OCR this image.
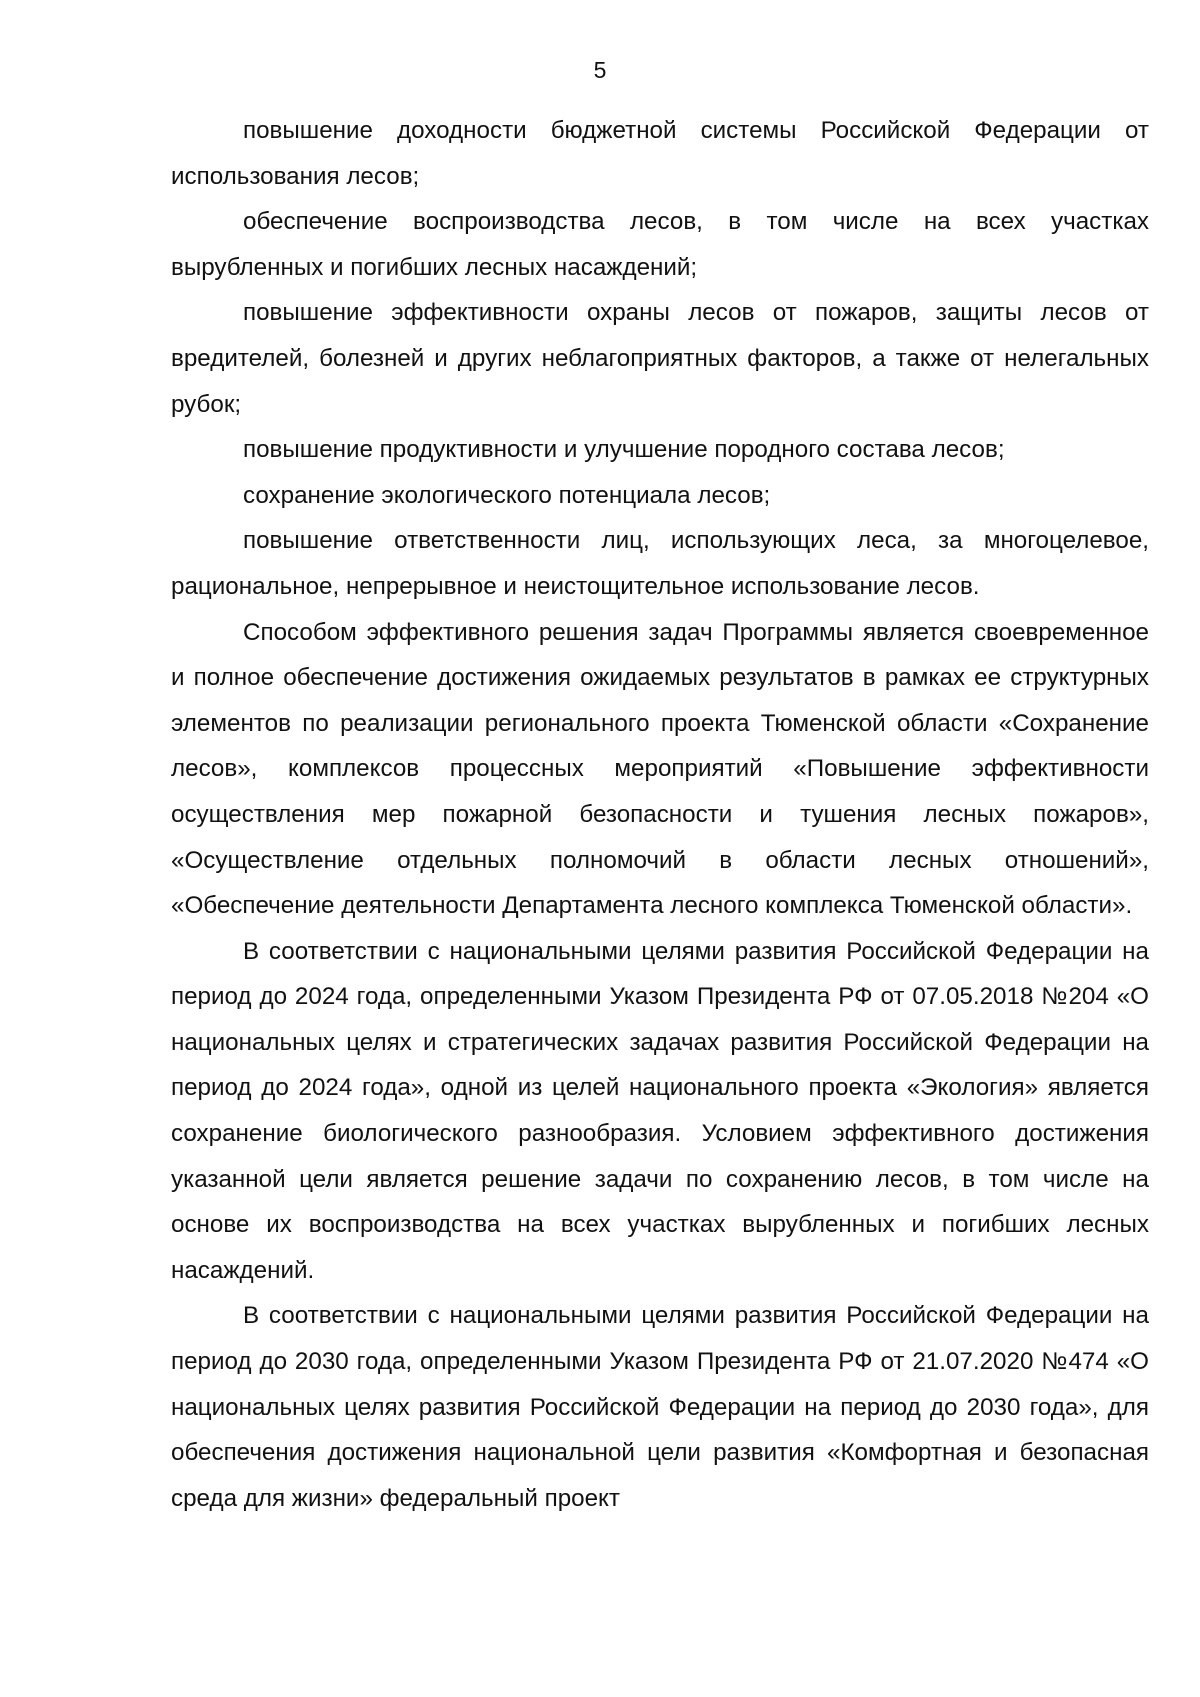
5

повышение доходности бюджетной системы Российской Федерации от использования лесов;

обеспечение воспроизводства лесов, в том числе на всех участках вырубленных и погибших лесных насаждений;

повышение эффективности охраны лесов от пожаров, защиты лесов от вредителей, болезней и других неблагоприятных факторов, а также от нелегальных рубок;

повышение продуктивности и улучшение породного состава лесов;

сохранение экологического потенциала лесов;

повышение ответственности лиц, использующих леса, за многоцелевое, рациональное, непрерывное и неистощительное использование лесов.

Способом эффективного решения задач Программы является своевременное и полное обеспечение достижения ожидаемых результатов в рамках ее структурных элементов по реализации регионального проекта Тюменской области «Сохранение лесов», комплексов процессных мероприятий «Повышение эффективности осуществления мер пожарной безопасности и тушения лесных пожаров», «Осуществление отдельных полномочий в области лесных отношений», «Обеспечение деятельности Департамента лесного комплекса Тюменской области».

В соответствии с национальными целями развития Российской Федерации на период до 2024 года, определенными Указом Президента РФ от 07.05.2018 №204 «О национальных целях и стратегических задачах развития Российской Федерации на период до 2024 года», одной из целей национального проекта «Экология» является сохранение биологического разнообразия. Условием эффективного достижения указанной цели является решение задачи по сохранению лесов, в том числе на основе их воспроизводства на всех участках вырубленных и погибших лесных насаждений.

В соответствии с национальными целями развития Российской Федерации на период до 2030 года, определенными Указом Президента РФ от 21.07.2020 №474 «О национальных целях развития Российской Федерации на период до 2030 года», для обеспечения достижения национальной цели развития «Комфортная и безопасная среда для жизни» федеральный проект
